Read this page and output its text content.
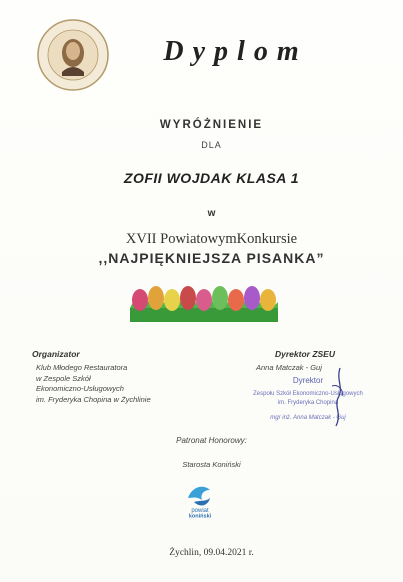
Dyplom
WYRÓŻNIENIE
DLA
ZOFII WOJDAK KLASA 1
w
XVII PowiatowymKonkursie
,,NAJPIĘKNIEJSZA PISANKA”
Organizator
Klub Młodego Restauratora
w Zespole Szkół
Ekonomiczno-Usługowych
im. Fryderyka Chopina w Żychlinie
Dyrektor ZSEU
Anna Matczak - Guj
Dyrektor
Zespołu Szkół Ekonomiczno-Usługowych
im. Fryderyka Chopina
mgr inż. Anna Matczak - Guj
Patronat Honorowy:
Starosta Koniński
powiat
koniński
Żychlin, 09.04.2021 r.
